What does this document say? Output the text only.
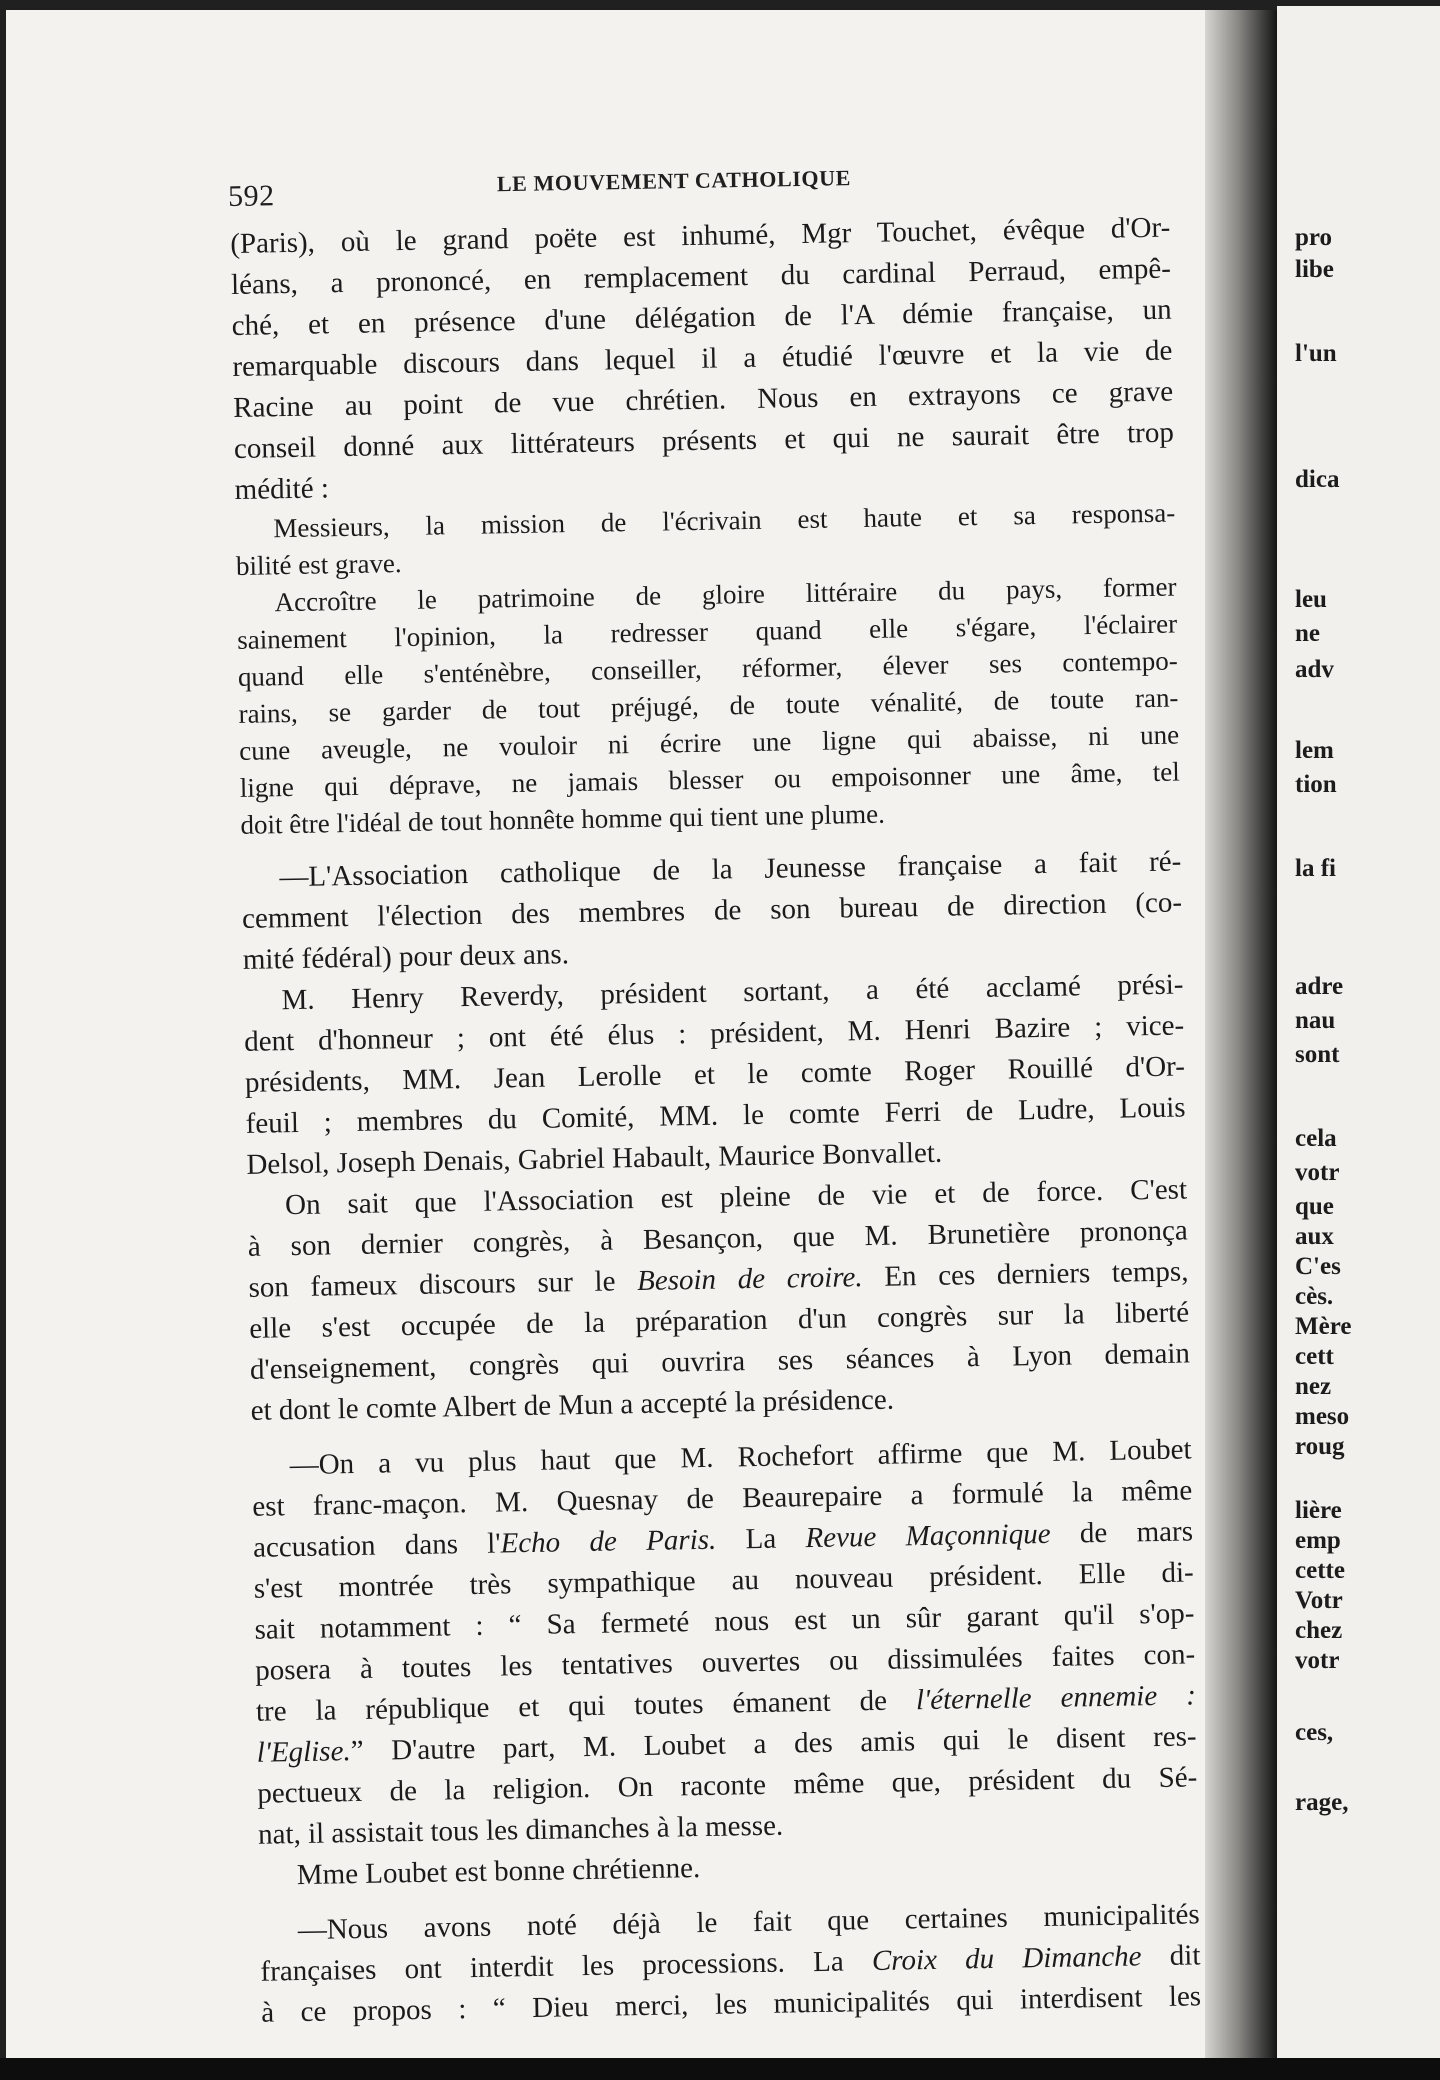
592	LE MOUVEMENT CATHOLIQUE
(Paris), où le grand poëte est inhumé, Mgr Touchet, évêque d'Or-
léans, a prononcé, en remplacement du cardinal Perraud, empê-
ché, et en présence d'une délégation de l'A démie française, un
remarquable discours dans lequel il a étudié l'œuvre et la vie de
Racine au point de vue chrétien. Nous en extrayons ce grave
conseil donné aux littérateurs présents et qui ne saurait être trop
médité :
Messieurs, la mission de l'écrivain est haute et sa responsa-
bilité est grave.
Accroître le patrimoine de gloire littéraire du pays, former
sainement l'opinion, la redresser quand elle s'égare, l'éclairer
quand elle s'enténèbre, conseiller, réformer, élever ses contempo-
rains, se garder de tout préjugé, de toute vénalité, de toute ran-
cune aveugle, ne vouloir ni écrire une ligne qui abaisse, ni une
ligne qui déprave, ne jamais blesser ou empoisonner une âme, tel
doit être l'idéal de tout honnête homme qui tient une plume.
—L'Association catholique de la Jeunesse française a fait ré-
cemment l'élection des membres de son bureau de direction (co-
mité fédéral) pour deux ans.
M. Henry Reverdy, président sortant, a été acclamé prési-
dent d'honneur ; ont été élus : président, M. Henri Bazire ; vice-
présidents, MM. Jean Lerolle et le comte Roger Rouillé d'Or-
feuil ; membres du Comité, MM. le comte Ferri de Ludre, Louis
Delsol, Joseph Denais, Gabriel Habault, Maurice Bonvallet.
On sait que l'Association est pleine de vie et de force. C'est
à son dernier congrès, à Besançon, que M. Brunetière prononça
son fameux discours sur le Besoin de croire. En ces derniers temps,
elle s'est occupée de la préparation d'un congrès sur la liberté
d'enseignement, congrès qui ouvrira ses séances à Lyon demain
et dont le comte Albert de Mun a accepté la présidence.
—On a vu plus haut que M. Rochefort affirme que M. Loubet
est franc-maçon. M. Quesnay de Beaurepaire a formulé la même
accusation dans l'Echo de Paris. La Revue Maçonnique de mars
s'est montrée très sympathique au nouveau président. Elle di-
sait notamment : “ Sa fermeté nous est un sûr garant qu'il s'op-
posera à toutes les tentatives ouvertes ou dissimulées faites con-
tre la république et qui toutes émanent de l'éternelle ennemie :
l'Eglise.” D'autre part, M. Loubet a des amis qui le disent res-
pectueux de la religion. On raconte même que, président du Sé-
nat, il assistait tous les dimanches à la messe.
Mme Loubet est bonne chrétienne.
—Nous avons noté déjà le fait que certaines municipalités
françaises ont interdit les processions. La Croix du Dimanche dit
à ce propos : “ Dieu merci, les municipalités qui interdisent les
pro
libe
l'un
dica
leu
ne
adv
lem
tion
la fi
adre
nau
sont
cela
votr
que
aux
C'es
cès.
Mère
cett
nez
meso
roug
lière
emp
cette
Votr
chez
votr
ces,
rage,
